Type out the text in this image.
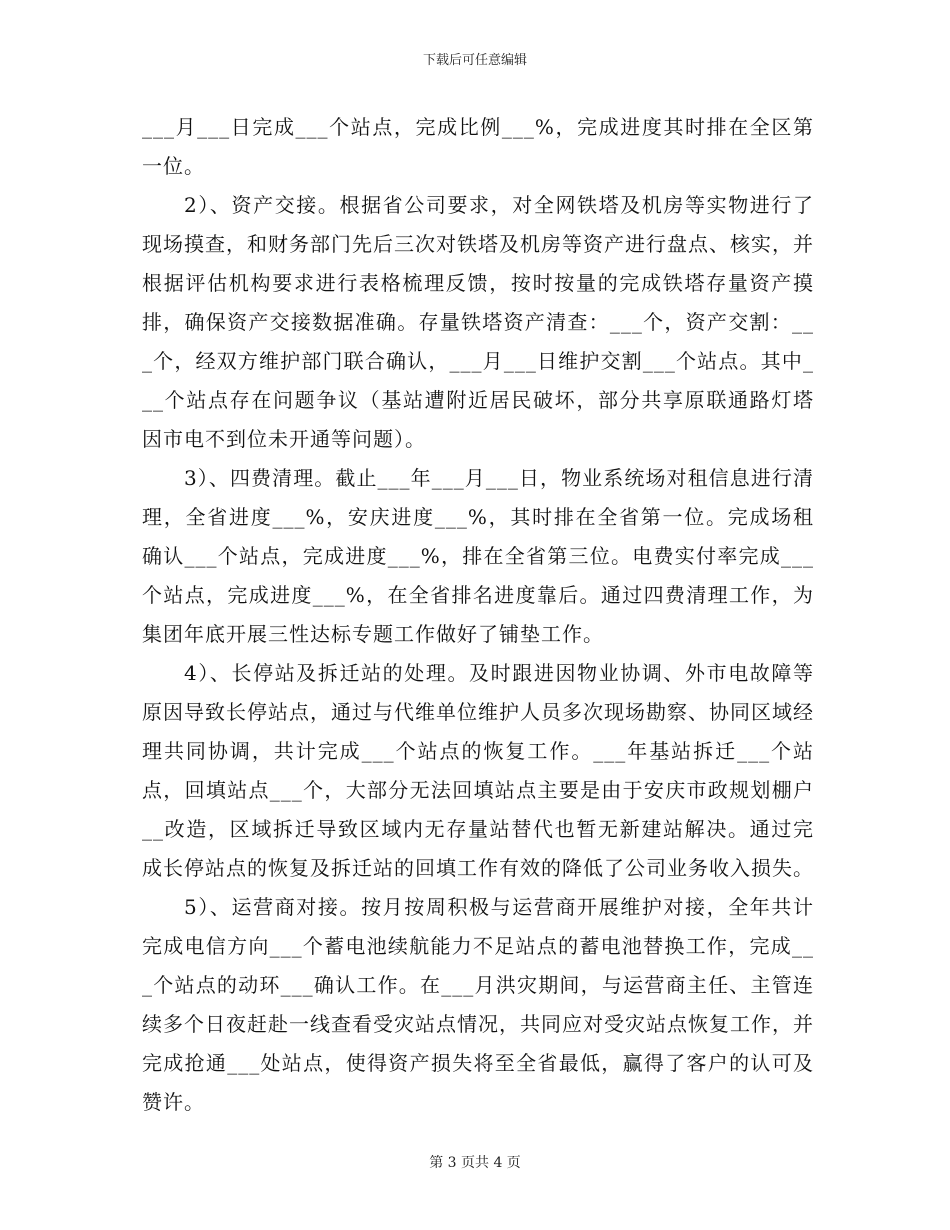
下载后可任意编辑

___月___日完成___个站点，完成比例___%，完成进度其时排在全区第一位。

2）、资产交接。根据省公司要求，对全网铁塔及机房等实物进行了现场摸查，和财务部门先后三次对铁塔及机房等资产进行盘点、核实，并根据评估机构要求进行表格梳理反馈，按时按量的完成铁塔存量资产摸排，确保资产交接数据准确。存量铁塔资产清查：___个，资产交割：___个，经双方维护部门联合确认，___月___日维护交割___个站点。其中___个站点存在问题争议（基站遭附近居民破坏，部分共享原联通路灯塔因市电不到位未开通等问题）。

3）、四费清理。截止___年___月___日，物业系统场对租信息进行清理，全省进度___%，安庆进度___%，其时排在全省第一位。完成场租确认___个站点，完成进度___%，排在全省第三位。电费实付率完成___个站点，完成进度___%，在全省排名进度靠后。通过四费清理工作，为集团年底开展三性达标专题工作做好了铺垫工作。

4）、长停站及拆迁站的处理。及时跟进因物业协调、外市电故障等原因导致长停站点，通过与代维单位维护人员多次现场勘察、协同区域经理共同协调，共计完成___个站点的恢复工作。___年基站拆迁___个站点，回填站点___个，大部分无法回填站点主要是由于安庆市政规划棚户__改造，区域拆迁导致区域内无存量站替代也暂无新建站解决。通过完成长停站点的恢复及拆迁站的回填工作有效的降低了公司业务收入损失。

5）、运营商对接。按月按周积极与运营商开展维护对接，全年共计完成电信方向___个蓄电池续航能力不足站点的蓄电池替换工作，完成___个站点的动环___确认工作。在___月洪灾期间，与运营商主任、主管连续多个日夜赶赴一线查看受灾站点情况，共同应对受灾站点恢复工作，并完成抢通___处站点，使得资产损失将至全省最低，赢得了客户的认可及赞许。

第 3 页共 4 页
